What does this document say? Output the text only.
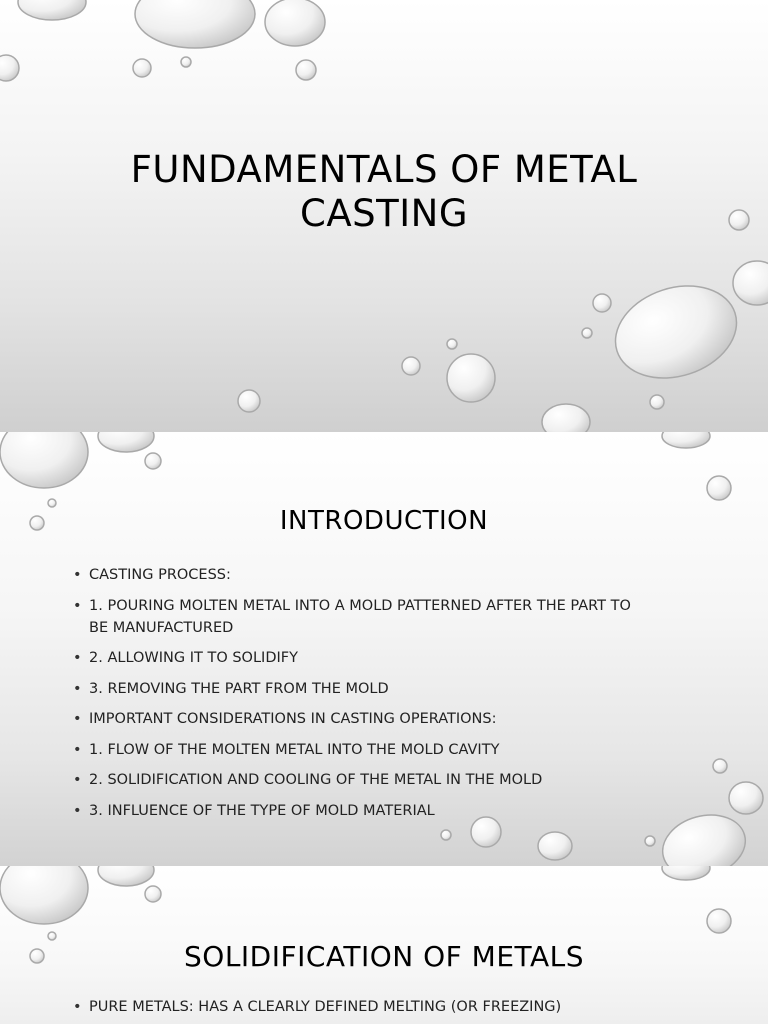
FUNDAMENTALS OF METAL
CASTING
INTRODUCTION
• CASTING PROCESS:
• 1. POURING MOLTEN METAL INTO A MOLD PATTERNED AFTER THE PART TO BE MANUFACTURED
• 2. ALLOWING IT TO SOLIDIFY
• 3. REMOVING THE PART FROM THE MOLD
• IMPORTANT CONSIDERATIONS IN CASTING OPERATIONS:
• 1. FLOW OF THE MOLTEN METAL INTO THE MOLD CAVITY
• 2. SOLIDIFICATION AND COOLING OF THE METAL IN THE MOLD
• 3. INFLUENCE OF THE TYPE OF MOLD MATERIAL
SOLIDIFICATION OF METALS
• PURE METALS: HAS A CLEARLY DEFINED MELTING (OR FREEZING)
